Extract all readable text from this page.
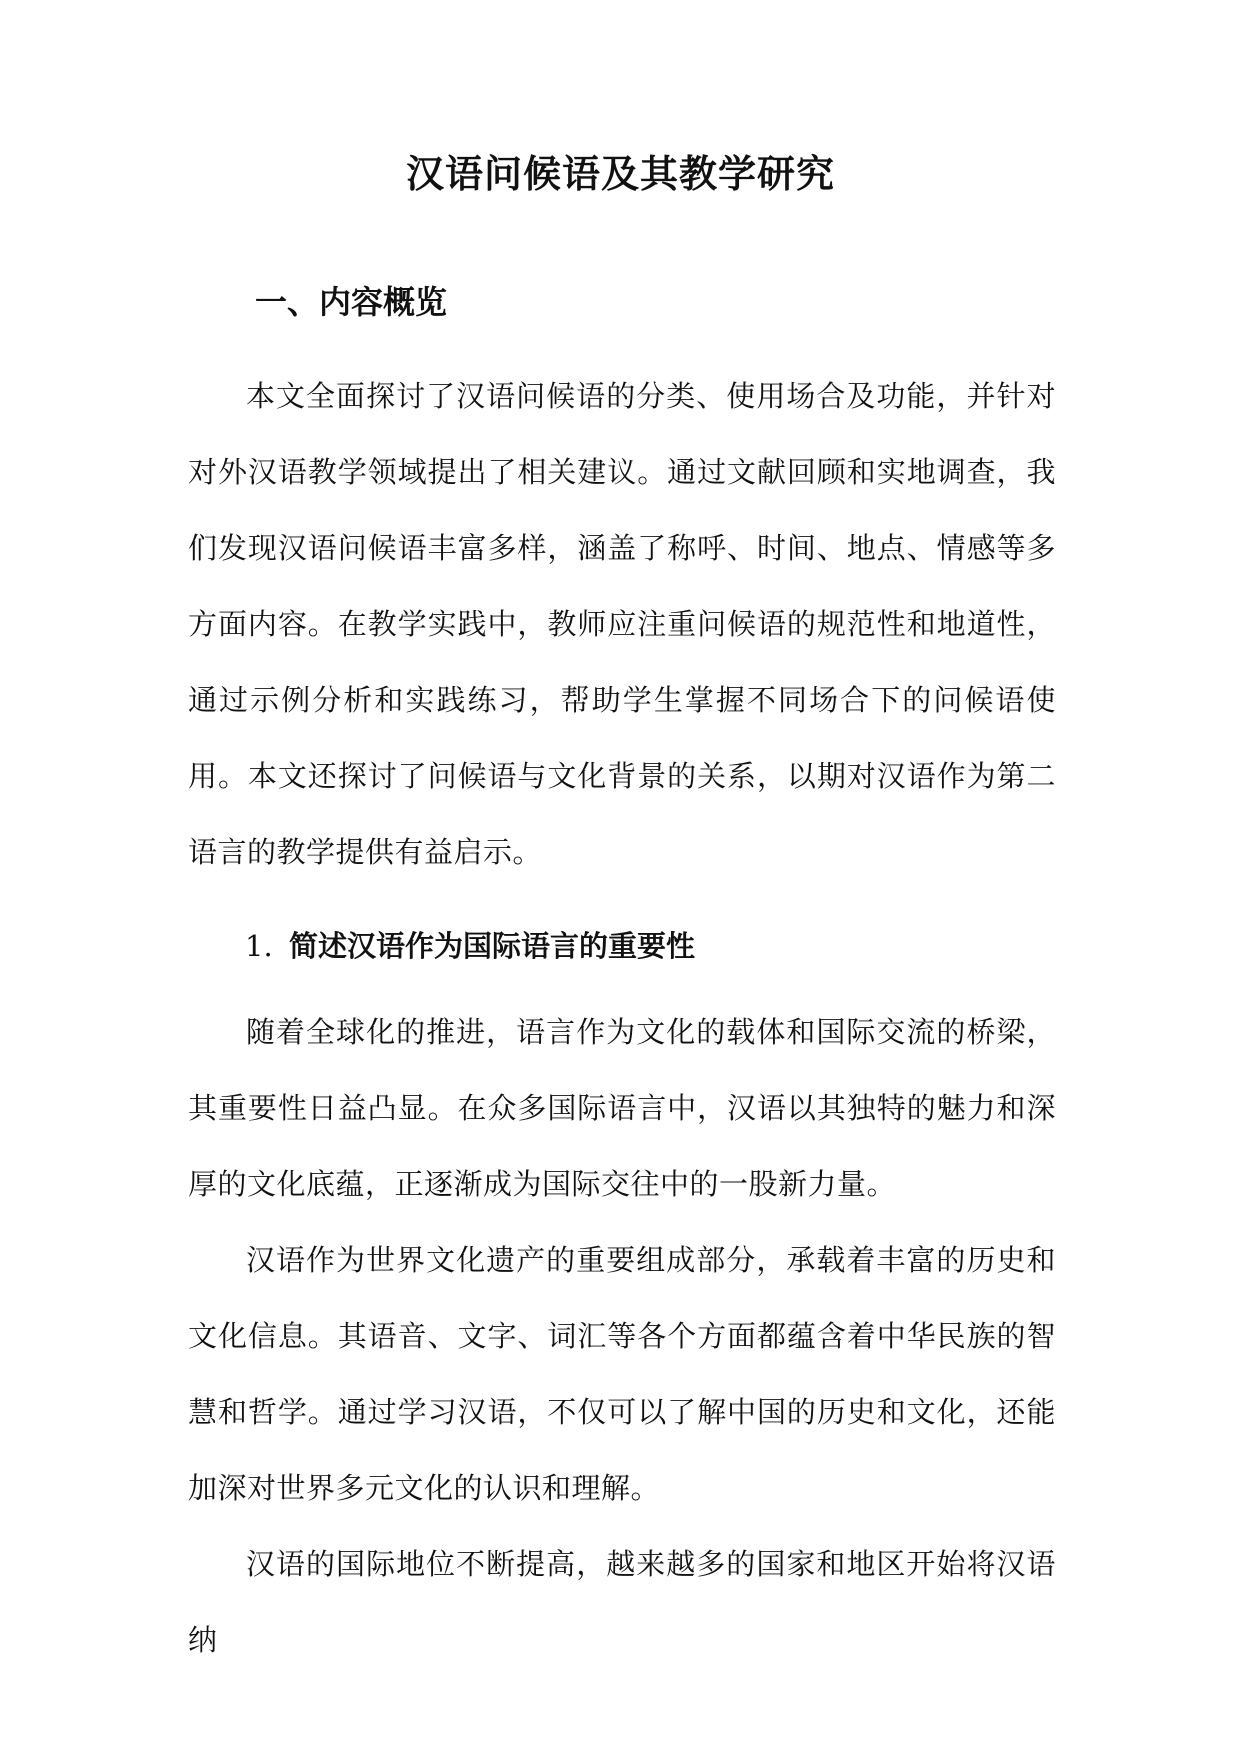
汉语问候语及其教学研究
一、内容概览

本文全面探讨了汉语问候语的分类、使用场合及功能，并针对对外汉语教学领域提出了相关建议。通过文献回顾和实地调查，我们发现汉语问候语丰富多样，涵盖了称呼、时间、地点、情感等多方面内容。在教学实践中，教师应注重问候语的规范性和地道性，通过示例分析和实践练习，帮助学生掌握不同场合下的问候语使用。本文还探讨了问候语与文化背景的关系，以期对汉语作为第二语言的教学提供有益启示。

1. 简述汉语作为国际语言的重要性

随着全球化的推进，语言作为文化的载体和国际交流的桥梁，其重要性日益凸显。在众多国际语言中，汉语以其独特的魅力和深厚的文化底蕴，正逐渐成为国际交往中的一股新力量。

汉语作为世界文化遗产的重要组成部分，承载着丰富的历史和文化信息。其语音、文字、词汇等各个方面都蕴含着中华民族的智慧和哲学。通过学习汉语，不仅可以了解中国的历史和文化，还能加深对世界多元文化的认识和理解。

汉语的国际地位不断提高，越来越多的国家和地区开始将汉语纳
